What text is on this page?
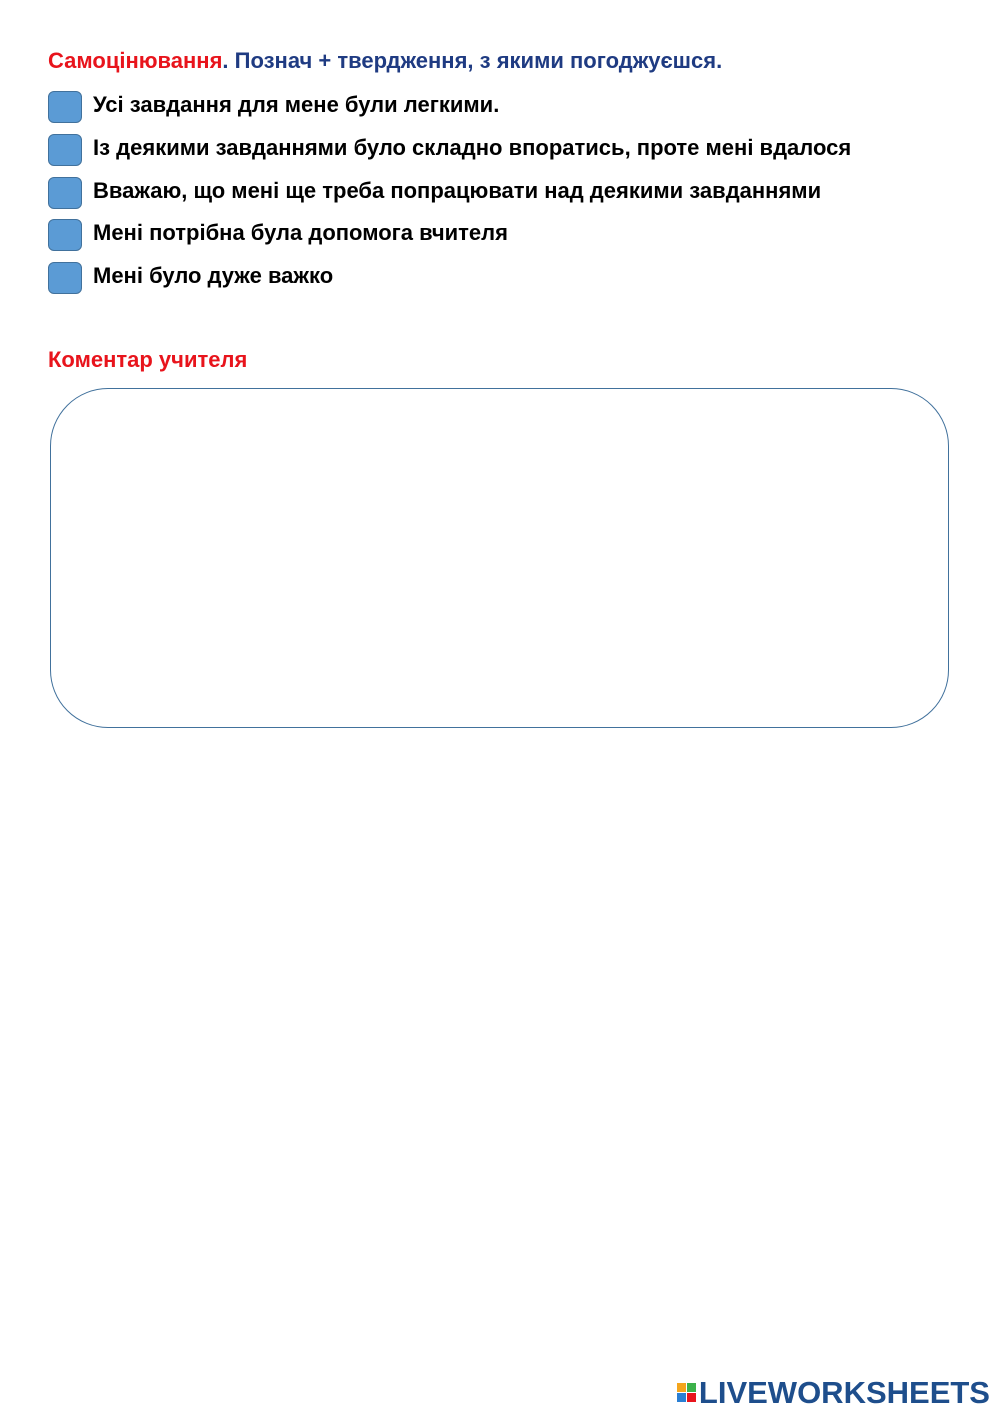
Самоцінювання. Познач + твердження, з якими погоджуєшся.
Усі завдання для мене були легкими.
Із деякими завданнями було складно впоратись, проте мені вдалося
Вважаю, що мені ще треба попрацювати над деякими завданнями
Мені потрібна була допомога вчителя
Мені було дуже важко
Коментар учителя
LIVEWORKSHEETS
